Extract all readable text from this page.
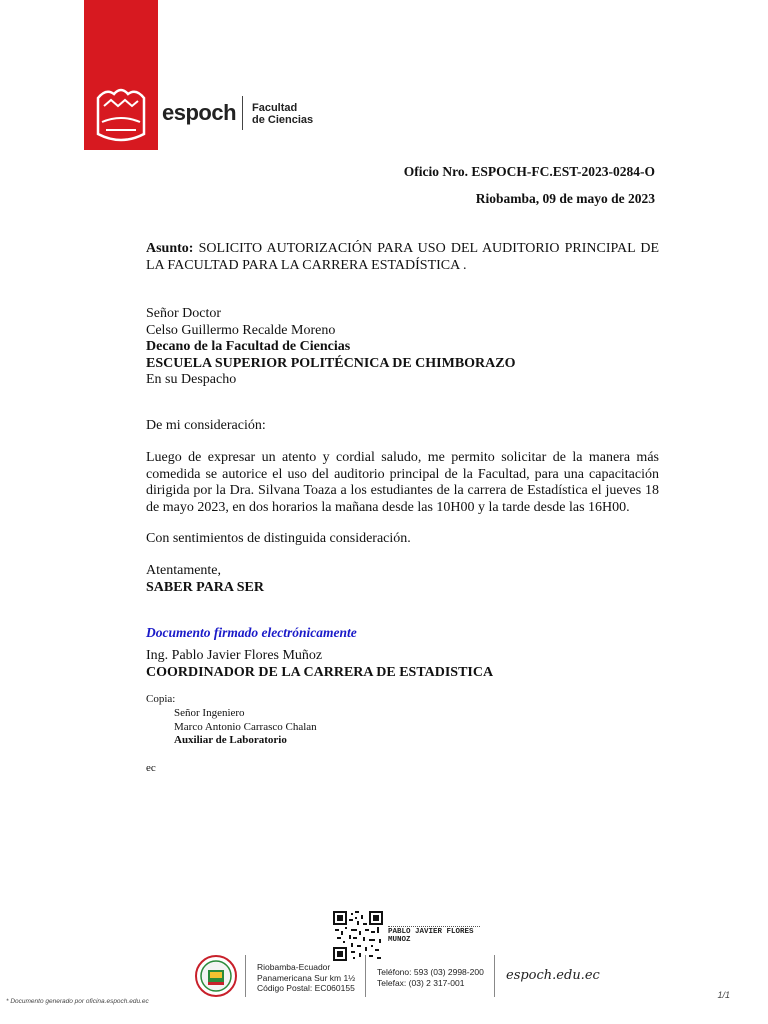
espoch Facultad
de Ciencias
Oficio Nro. ESPOCH-FC.EST-2023-0284-O
Riobamba, 09 de mayo de 2023
Asunto: SOLICITO AUTORIZACIÓN PARA USO DEL AUDITORIO PRINCIPAL DE LA FACULTAD PARA LA CARRERA ESTADÍSTICA .
Señor Doctor
Celso Guillermo Recalde Moreno
Decano de la Facultad de Ciencias
ESCUELA SUPERIOR POLITÉCNICA DE CHIMBORAZO
En su Despacho
De mi consideración:
Luego de expresar un atento y cordial saludo, me permito solicitar de la manera más comedida se autorice el uso del auditorio principal de la Facultad, para una capacitación dirigida por la Dra. Silvana Toaza a los estudiantes de la carrera de Estadística el jueves 18 de mayo 2023, en dos horarios la mañana desde las 10H00 y la tarde desde las 16H00.
Con sentimientos de distinguida consideración.
Atentamente,
SABER PARA SER
Documento firmado electrónicamente
Ing. Pablo Javier Flores Muñoz
COORDINADOR DE LA CARRERA DE ESTADISTICA
Copia:
Señor Ingeniero
Marco Antonio Carrasco Chalan
Auxiliar de Laboratorio
ec
PABLO JAVIER FLORES
MUNOZ
Riobamba-Ecuador
Panamericana Sur km 1½
Código Postal: EC060155
Teléfono: 593 (03) 2998-200
Telefax: (03) 2 317-001	espoch.edu.ec
* Documento generado por oficina.espoch.edu.ec
1/1
